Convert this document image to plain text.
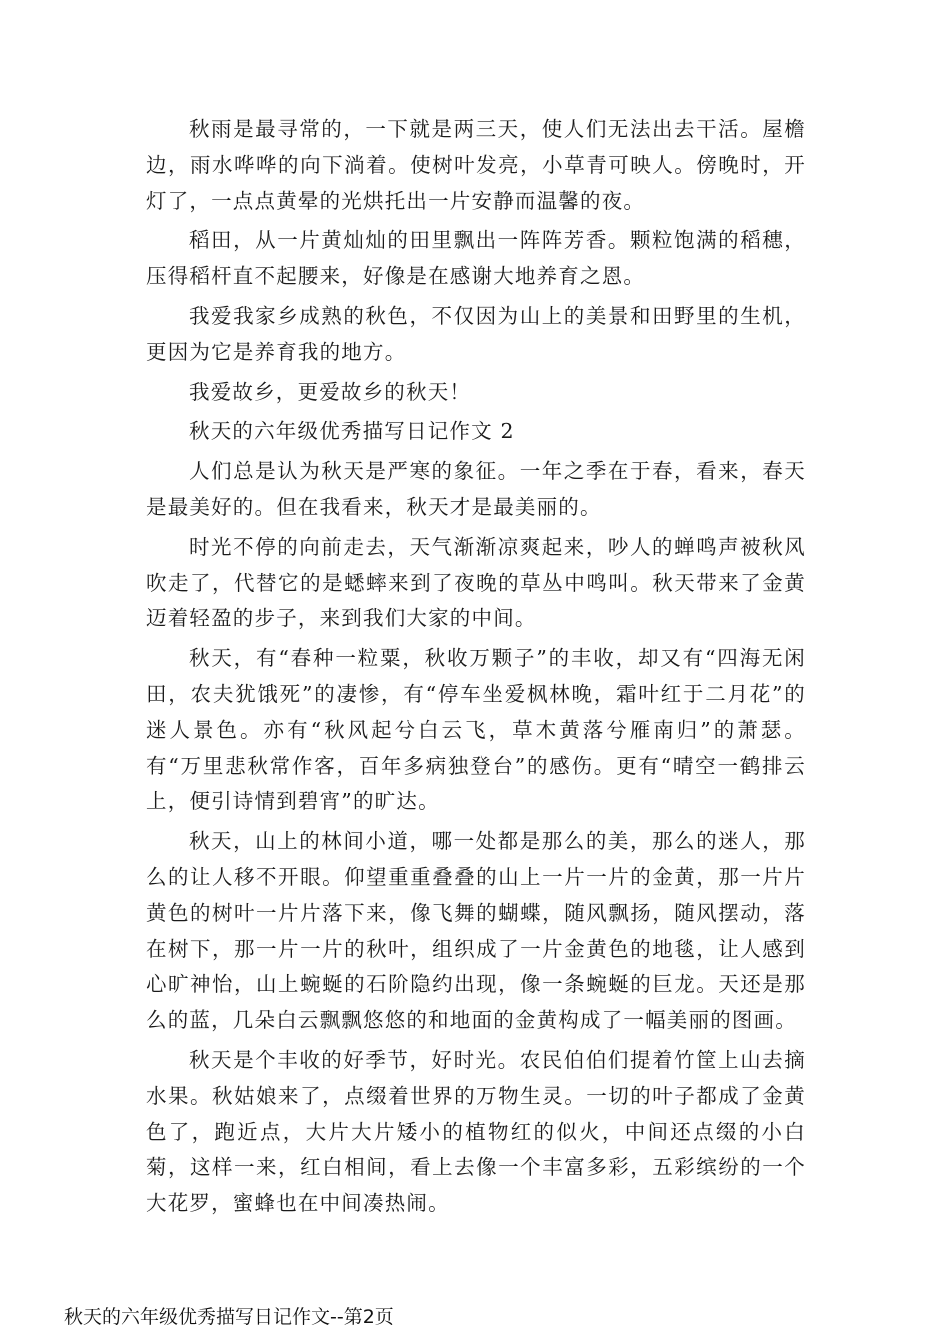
秋雨是最寻常的，一下就是两三天，使人们无法出去干活。屋檐边，雨水哗哗的向下淌着。使树叶发亮，小草青可映人。傍晚时，开灯了，一点点黄晕的光烘托出一片安静而温馨的夜。

稻田，从一片黄灿灿的田里飘出一阵阵芳香。颗粒饱满的稻穗，压得稻杆直不起腰来，好像是在感谢大地养育之恩。

我爱我家乡成熟的秋色，不仅因为山上的美景和田野里的生机，更因为它是养育我的地方。

我爱故乡，更爱故乡的秋天！

秋天的六年级优秀描写日记作文 2

人们总是认为秋天是严寒的象征。一年之季在于春，看来，春天是最美好的。但在我看来，秋天才是最美丽的。

时光不停的向前走去，天气渐渐凉爽起来，吵人的蝉鸣声被秋风吹走了，代替它的是蟋蟀来到了夜晚的草丛中鸣叫。秋天带来了金黄迈着轻盈的步子，来到我们大家的中间。

秋天，有“春种一粒粟，秋收万颗子”的丰收，却又有“四海无闲田，农夫犹饿死”的凄惨，有“停车坐爱枫林晚，霜叶红于二月花”的迷人景色。亦有“秋风起兮白云飞，草木黄落兮雁南归”的萧瑟。有“万里悲秋常作客，百年多病独登台”的感伤。更有“晴空一鹤排云上，便引诗情到碧宵”的旷达。

秋天，山上的林间小道，哪一处都是那么的美，那么的迷人，那么的让人移不开眼。仰望重重叠叠的山上一片一片的金黄，那一片片黄色的树叶一片片落下来，像飞舞的蝴蝶，随风飘扬，随风摆动，落在树下，那一片一片的秋叶，组织成了一片金黄色的地毯，让人感到心旷神怡，山上蜿蜒的石阶隐约出现，像一条蜿蜒的巨龙。天还是那么的蓝，几朵白云飘飘悠悠的和地面的金黄构成了一幅美丽的图画。

秋天是个丰收的好季节，好时光。农民伯伯们提着竹筐上山去摘水果。秋姑娘来了，点缀着世界的万物生灵。一切的叶子都成了金黄色了，跑近点，大片大片矮小的植物红的似火，中间还点缀的小白菊，这样一来，红白相间，看上去像一个丰富多彩，五彩缤纷的一个大花罗，蜜蜂也在中间凑热闹。

秋天的六年级优秀描写日记作文--第2页
